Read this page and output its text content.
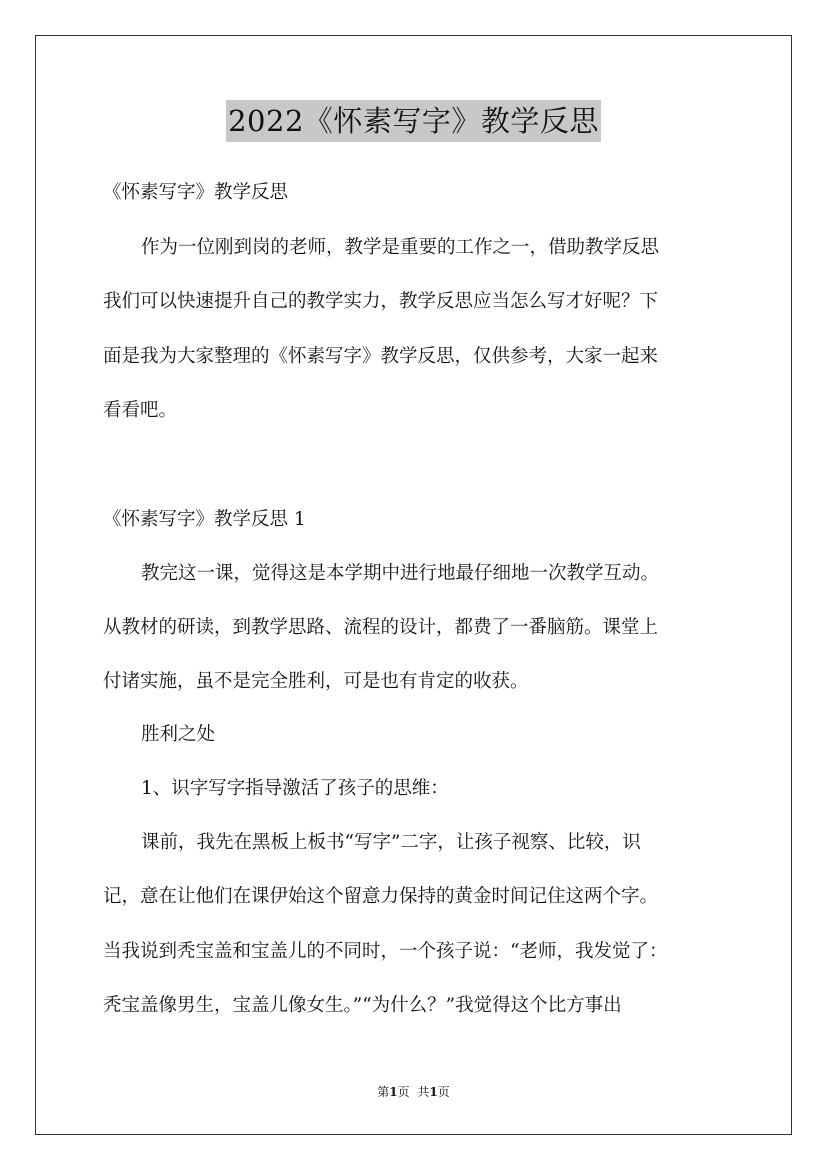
2022《怀素写字》教学反思
《怀素写字》教学反思
作为一位刚到岗的老师，教学是重要的工作之一，借助教学反思
我们可以快速提升自己的教学实力，教学反思应当怎么写才好呢？下
面是我为大家整理的《怀素写字》教学反思，仅供参考，大家一起来
看看吧。
《怀素写字》教学反思 1
教完这一课，觉得这是本学期中进行地最仔细地一次教学互动。
从教材的研读，到教学思路、流程的设计，都费了一番脑筋。课堂上
付诸实施，虽不是完全胜利，可是也有肯定的收获。
胜利之处
1、识字写字指导激活了孩子的思维：
课前，我先在黑板上板书“写字”二字，让孩子视察、比较，识
记，意在让他们在课伊始这个留意力保持的黄金时间记住这两个字。
当我说到秃宝盖和宝盖儿的不同时，一个孩子说：“老师，我发觉了：
秃宝盖像男生，宝盖儿像女生。”“为什么？”我觉得这个比方事出
第1页 共1页
